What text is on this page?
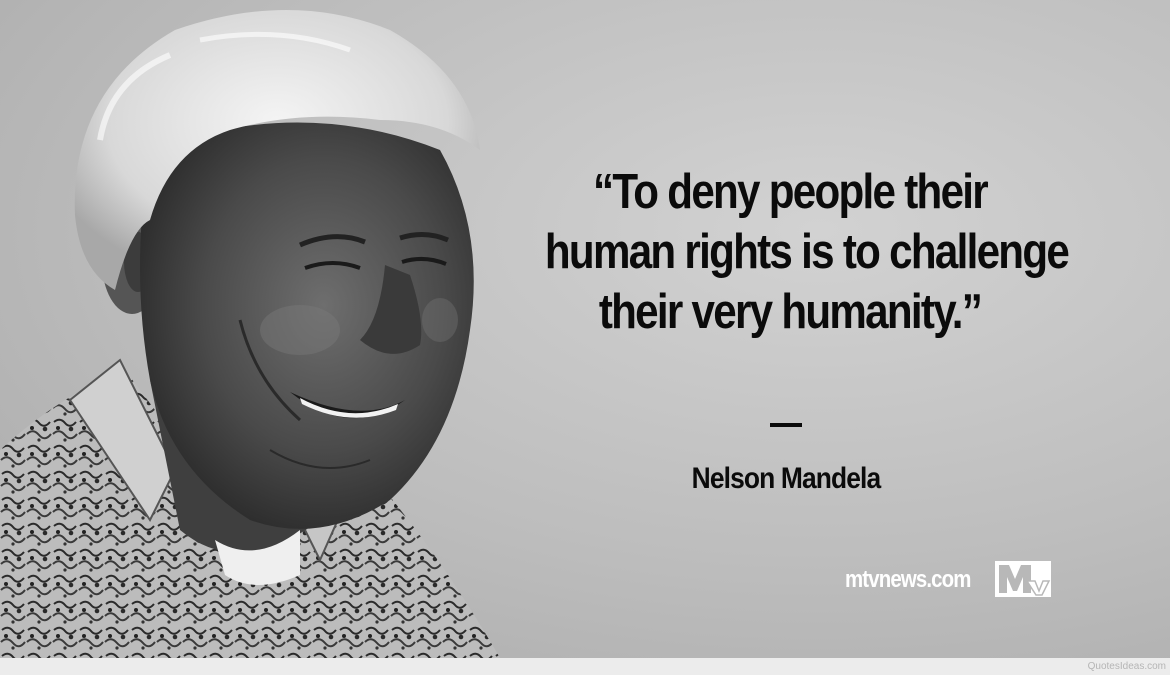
“To deny people their
human rights is to challenge
their very humanity.”
Nelson Mandela
mtvnews.com
QuotesIdeas.com
